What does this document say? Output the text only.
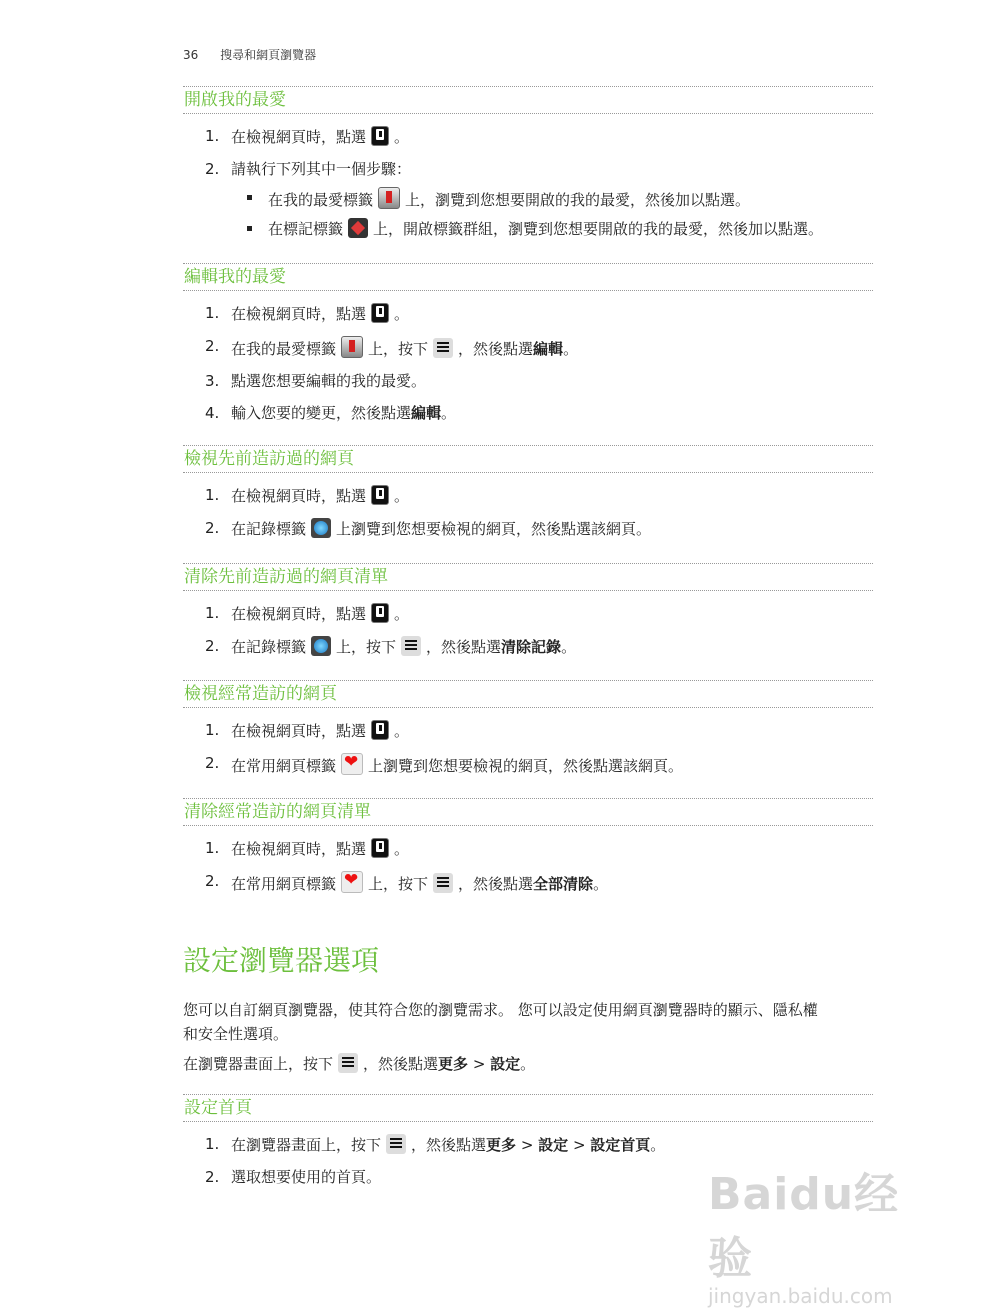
36 搜尋和網頁瀏覽器
開啟我的最愛
1. 在檢視網頁時，點選 。
2. 請執行下列其中一個步驟：
在我的最愛標籤 上，瀏覽到您想要開啟的我的最愛，然後加以點選。
在標記標籤 上，開啟標籤群組，瀏覽到您想要開啟的我的最愛，然後加以點選。
編輯我的最愛
1. 在檢視網頁時，點選 。
2. 在我的最愛標籤 上，按下 ，然後點選編輯。
3. 點選您想要編輯的我的最愛。
4. 輸入您要的變更，然後點選編輯。
檢視先前造訪過的網頁
1. 在檢視網頁時，點選 。
2. 在記錄標籤 上瀏覽到您想要檢視的網頁，然後點選該網頁。
清除先前造訪過的網頁清單
1. 在檢視網頁時，點選 。
2. 在記錄標籤 上，按下 ，然後點選清除記錄。
檢視經常造訪的網頁
1. 在檢視網頁時，點選 。
2. 在常用網頁標籤 ❤ 上瀏覽到您想要檢視的網頁，然後點選該網頁。
清除經常造訪的網頁清單
1. 在檢視網頁時，點選 。
2. 在常用網頁標籤 ❤ 上，按下 ，然後點選全部清除。
設定瀏覽器選項
您可以自訂網頁瀏覽器，使其符合您的瀏覽需求。 您可以設定使用網頁瀏覽器時的顯示、隱私權
和安全性選項。
在瀏覽器畫面上，按下 ，然後點選更多 > 設定。
設定首頁
1. 在瀏覽器畫面上，按下 ，然後點選更多 > 設定 > 設定首頁。
2. 選取想要使用的首頁。	Baidu经验
jingyan.baidu.com
